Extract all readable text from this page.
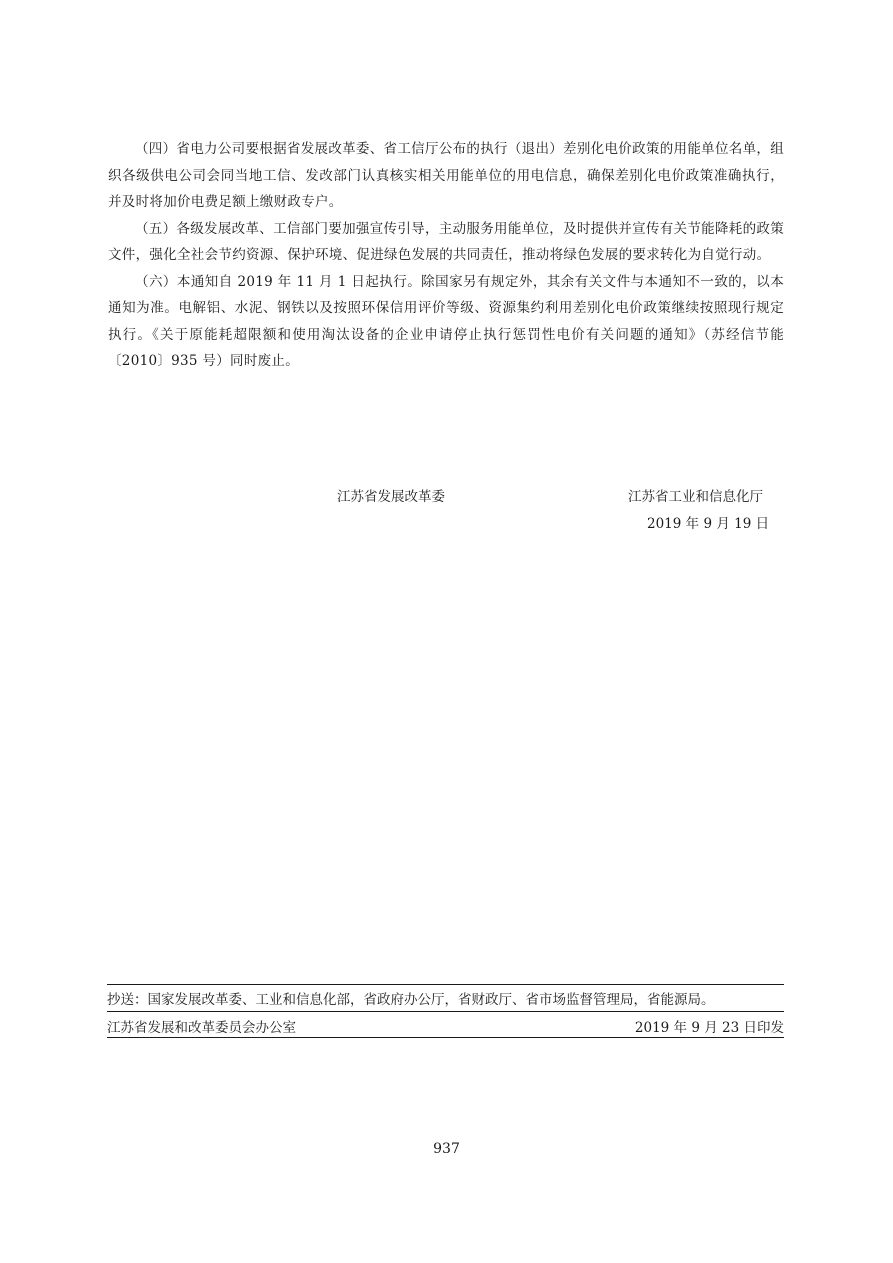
（四）省电力公司要根据省发展改革委、省工信厅公布的执行（退出）差别化电价政策的用能单位名单，组织各级供电公司会同当地工信、发改部门认真核实相关用能单位的用电信息，确保差别化电价政策准确执行，并及时将加价电费足额上缴财政专户。

（五）各级发展改革、工信部门要加强宣传引导，主动服务用能单位，及时提供并宣传有关节能降耗的政策文件，强化全社会节约资源、保护环境、促进绿色发展的共同责任，推动将绿色发展的要求转化为自觉行动。

（六）本通知自 2019 年 11 月 1 日起执行。除国家另有规定外，其余有关文件与本通知不一致的，以本通知为准。电解铝、水泥、钢铁以及按照环保信用评价等级、资源集约利用差别化电价政策继续按照现行规定执行。《关于原能耗超限额和使用淘汰设备的企业申请停止执行惩罚性电价有关问题的通知》（苏经信节能〔2010〕935 号）同时废止。

江苏省发展改革委	江苏省工业和信息化厅
2019 年 9 月 19 日
抄送：国家发展改革委、工业和信息化部，省政府办公厅，省财政厅、省市场监督管理局，省能源局。
江苏省发展和改革委员会办公室	2019 年 9 月 23 日印发
937
